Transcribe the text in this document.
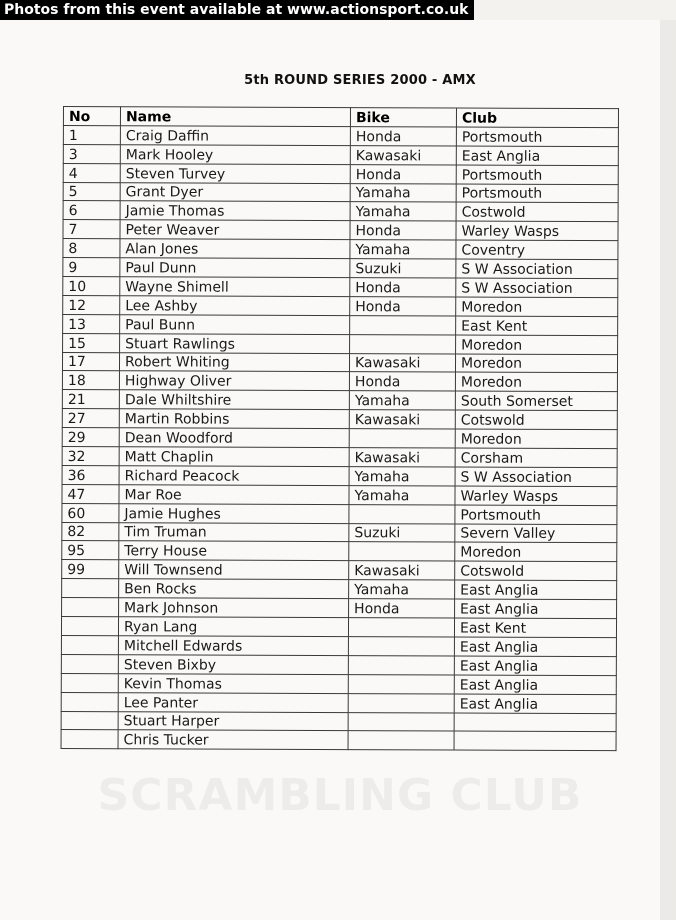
Photos from this event available at www.actionsport.co.uk
SCRAMBLING CLUB
5th ROUND SERIES 2000 - AMX
No	Name	Bike	Club
1	Craig Daffin	Honda	Portsmouth
3	Mark Hooley	Kawasaki	East Anglia
4	Steven Turvey	Honda	Portsmouth
5	Grant Dyer	Yamaha	Portsmouth
6	Jamie Thomas	Yamaha	Costwold
7	Peter Weaver	Honda	Warley Wasps
8	Alan Jones	Yamaha	Coventry
9	Paul Dunn	Suzuki	S W Association
10	Wayne Shimell	Honda	S W Association
12	Lee Ashby	Honda	Moredon
13	Paul Bunn		East Kent
15	Stuart Rawlings		Moredon
17	Robert Whiting	Kawasaki	Moredon
18	Highway Oliver	Honda	Moredon
21	Dale Whiltshire	Yamaha	South Somerset
27	Martin Robbins	Kawasaki	Cotswold
29	Dean Woodford		Moredon
32	Matt Chaplin	Kawasaki	Corsham
36	Richard Peacock	Yamaha	S W Association
47	Mar Roe	Yamaha	Warley Wasps
60	Jamie Hughes		Portsmouth
82	Tim Truman	Suzuki	Severn Valley
95	Terry House		Moredon
99	Will Townsend	Kawasaki	Cotswold
	Ben Rocks	Yamaha	East Anglia
	Mark Johnson	Honda	East Anglia
	Ryan Lang		East Kent
	Mitchell Edwards		East Anglia
	Steven Bixby		East Anglia
	Kevin Thomas		East Anglia
	Lee Panter		East Anglia
	Stuart Harper		
	Chris Tucker		
